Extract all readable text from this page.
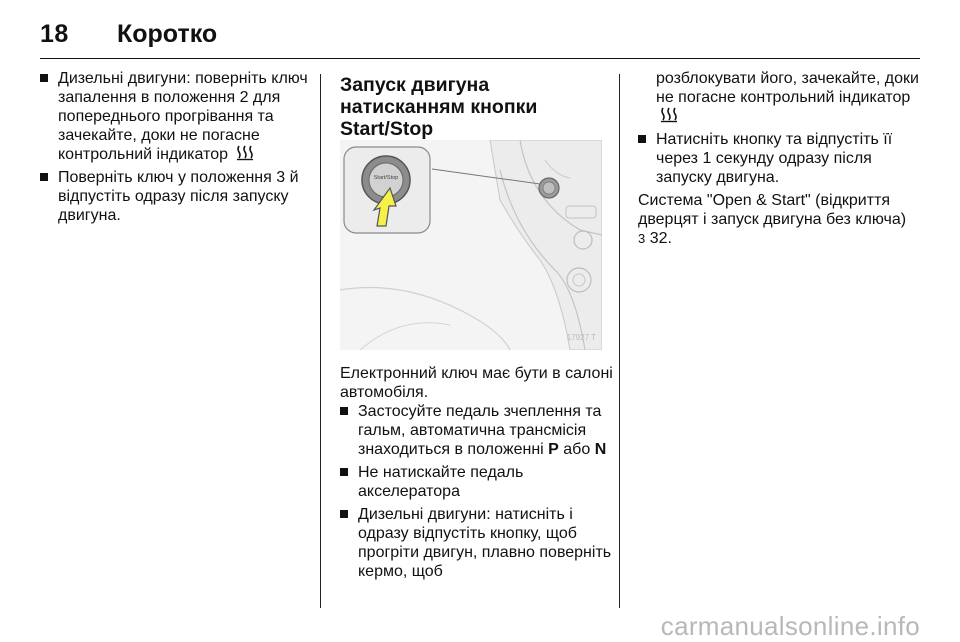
18 Коротко
Дизельні двигуни: поверніть ключ запалення в положення 2 для попереднього прогрівання та зачекайте, доки не погасне контрольний індикатор
Поверніть ключ у положення 3 й відпустіть одразу після запуску двигуна.

Запуск двигуна натисканням кнопки Start/Stop

Start/Stop
17927 T

Електронний ключ має бути в салоні автомобіля.

Застосуйте педаль зчеплення та гальм, автоматична трансмісія знаходиться в положенні P або N
Не натискайте педаль акселератора
Дизельні двигуни: натисніть і одразу відпустіть кнопку, щоб прогріти двигун, плавно поверніть кермо, щоб
розблокувати його, зачекайте, доки не погасне контрольний індикатор
Натисніть кнопку та відпустіть її через 1 секунду одразу після запуску двигуна.

Система "Open & Start" (відкриття дверцят і запуск двигуна без ключа)
3 32.

carmanualsonline.info
